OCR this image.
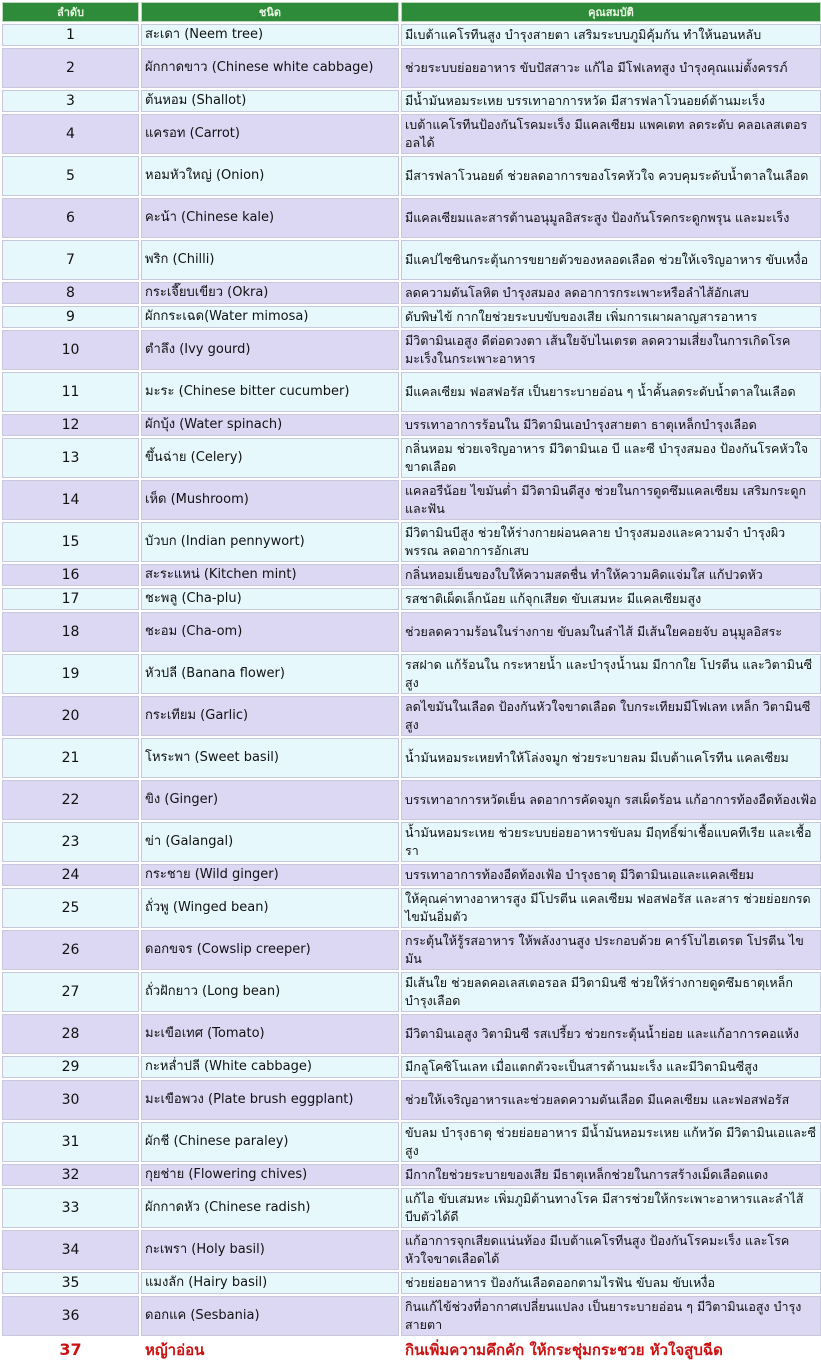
ลำดับ	ชนิด	คุณสมบัติ
1	สะเดา (Neem tree)	มีเบต้าแคโรทีนสูง บำรุงสายตา เสริมระบบภูมิคุ้มกัน ทำให้นอนหลับ
2	ผักกาดขาว (Chinese white cabbage)	ช่วยระบบย่อยอาหาร ขับปัสสาวะ แก้ไอ มีโฟเลทสูง บำรุงคุณแม่ตั้งครรภ์
3	ต้นหอม (Shallot)	มีน้ำมันหอมระเหย บรรเทาอาการหวัด มีสารฟลาโวนอยด์ต้านมะเร็ง
4	แครอท (Carrot)	เบต้าแคโรทีนป้องกันโรคมะเร็ง มีแคลเซียม แพคเตท ลดระดับ คลอเลสเตอรอลได้
5	หอมหัวใหญ่ (Onion)	มีสารฟลาโวนอยด์ ช่วยลดอาการของโรคหัวใจ ควบคุมระดับน้ำตาลในเลือด
6	คะน้า (Chinese kale)	มีแคลเซียมและสารต้านอนุมูลอิสระสูง ป้องกันโรคกระดูกพรุน และมะเร็ง
7	พริก (Chilli)	มีแคปไซซินกระตุ้นการขยายตัวของหลอดเลือด ช่วยให้เจริญอาหาร ขับเหงื่อ
8	กระเจี๊ยบเขียว (Okra)	ลดความดันโลหิต บำรุงสมอง ลดอาการกระเพาะหรือลำไส้อักเสบ
9	ผักกระเฉด(Water mimosa)	ดับพิษไข้ กากใยช่วยระบบขับของเสีย เพิ่มการเผาผลาญสารอาหาร
10	ตำลึง (Ivy gourd)	มีวิตามินเอสูง ดีต่อดวงตา เส้นใยจับไนเตรต ลดความเสี่ยงในการเกิดโรคมะเร็งในกระเพาะอาหาร
11	มะระ (Chinese bitter cucumber)	มีแคลเซียม ฟอสฟอรัส เป็นยาระบายอ่อน ๆ น้ำคั้นลดระดับน้ำตาลในเลือด
12	ผักบุ้ง (Water spinach)	บรรเทาอาการร้อนใน มีวิตามินเอบำรุงสายตา ธาตุเหล็กบำรุงเลือด
13	ขึ้นฉ่าย (Celery)	กลิ่นหอม ช่วยเจริญอาหาร มีวิตามินเอ บี และซี บำรุงสมอง ป้องกันโรคหัวใจขาดเลือด
14	เห็ด (Mushroom)	แคลอรีน้อย ไขมันต่ำ มีวิตามินดีสูง ช่วยในการดูดซึมแคลเซียม เสริมกระดูกและฟัน
15	บัวบก (Indian pennywort)	มีวิตามินบีสูง ช่วยให้ร่างกายผ่อนคลาย บำรุงสมองและความจำ บำรุงผิวพรรณ ลดอาการอักเสบ
16	สะระแหน่ (Kitchen mint)	กลิ่นหอมเย็นของใบให้ความสดชื่น ทำให้ความคิดแจ่มใส แก้ปวดหัว
17	ชะพลู (Cha-plu)	รสชาติเผ็ดเล็กน้อย แก้จุกเสียด ขับเสมหะ มีแคลเซียมสูง
18	ชะอม (Cha-om)	ช่วยลดความร้อนในร่างกาย ขับลมในลำไส้ มีเส้นใยคอยจับ อนุมูลอิสระ
19	หัวปลี (Banana flower)	รสฝาด แก้ร้อนใน กระหายน้ำ และบำรุงน้ำนม มีกากใย โปรตีน และวิตามินซีสูง
20	กระเทียม (Garlic)	ลดไขมันในเลือด ป้องกันหัวใจขาดเลือด ใบกระเทียมมีโฟเลท เหล็ก วิตามินซีสูง
21	โหระพา (Sweet basil)	น้ำมันหอมระเหยทำให้โล่งจมูก ช่วยระบายลม มีเบต้าแคโรทีน แคลเซียม
22	ขิง (Ginger)	บรรเทาอาการหวัดเย็น ลดอาการคัดจมูก รสเผ็ดร้อน แก้อาการท้องอืดท้องเฟ้อ
23	ข่า (Galangal)	น้ำมันหอมระเหย ช่วยระบบย่อยอาหารขับลม มีฤทธิ์ฆ่าเชื้อแบคทีเรีย และเชื้อรา
24	กระชาย (Wild ginger)	บรรเทาอาการท้องอืดท้องเฟ้อ บำรุงธาตุ มีวิตามินเอและแคลเซียม
25	ถั่วพู (Winged bean)	ให้คุณค่าทางอาหารสูง มีโปรตีน แคลเซียม ฟอสฟอรัส และสาร ช่วยย่อยกรดไขมันอิ่มตัว
26	ดอกขจร (Cowslip creeper)	กระตุ้นให้รู้รสอาหาร ให้พลังงานสูง ประกอบด้วย คาร์โบไฮเดรต โปรตีน ไขมัน
27	ถั่วฝักยาว (Long bean)	มีเส้นใย ช่วยลดคอเลสเตอรอล มีวิตามินซี ช่วยให้ร่างกายดูดซึมธาตุเหล็ก บำรุงเลือด
28	มะเขือเทศ (Tomato)	มีวิตามินเอสูง วิตามินซี รสเปรี้ยว ช่วยกระตุ้นน้ำย่อย และแก้อาการคอแห้ง
29	กะหล่ำปลี (White cabbage)	มีกลูโคซิโนเลท เมื่อแตกตัวจะเป็นสารต้านมะเร็ง และมีวิตามินซีสูง
30	มะเขือพวง (Plate brush eggplant)	ช่วยให้เจริญอาหารและช่วยลดความดันเลือด มีแคลเซียม และฟอสฟอรัส
31	ผักชี (Chinese paraley)	ขับลม บำรุงธาตุ ช่วยย่อยอาหาร มีน้ำมันหอมระเหย แก้หวัด มีวิตามินเอและซีสูง
32	กุยช่าย (Flowering chives)	มีกากใยช่วยระบายของเสีย มีธาตุเหล็กช่วยในการสร้างเม็ดเลือดแดง
33	ผักกาดหัว (Chinese radish)	แก้ไอ ขับเสมหะ เพิ่มภูมิต้านทางโรค มีสารช่วยให้กระเพาะอาหารและลำไส้บีบตัวได้ดี
34	กะเพรา (Holy basil)	แก้อาการจุกเสียดแน่นท้อง มีเบต้าแคโรทีนสูง ป้องกันโรคมะเร็ง และโรคหัวใจขาดเลือดได้
35	แมงลัก (Hairy basil)	ช่วยย่อยอาหาร ป้องกันเลือดออกตามไรฟัน ขับลม ขับเหงื่อ
36	ดอกแค (Sesbania)	กินแก้ไข้ช่วงที่อากาศเปลี่ยนแปลง เป็นยาระบายอ่อน ๆ มีวิตามินเอสูง บำรุงสายตา
37	หญ้าอ่อน	กินเพิ่มความคึกคัก ให้กระชุ่มกระชวย หัวใจสูบฉีด
